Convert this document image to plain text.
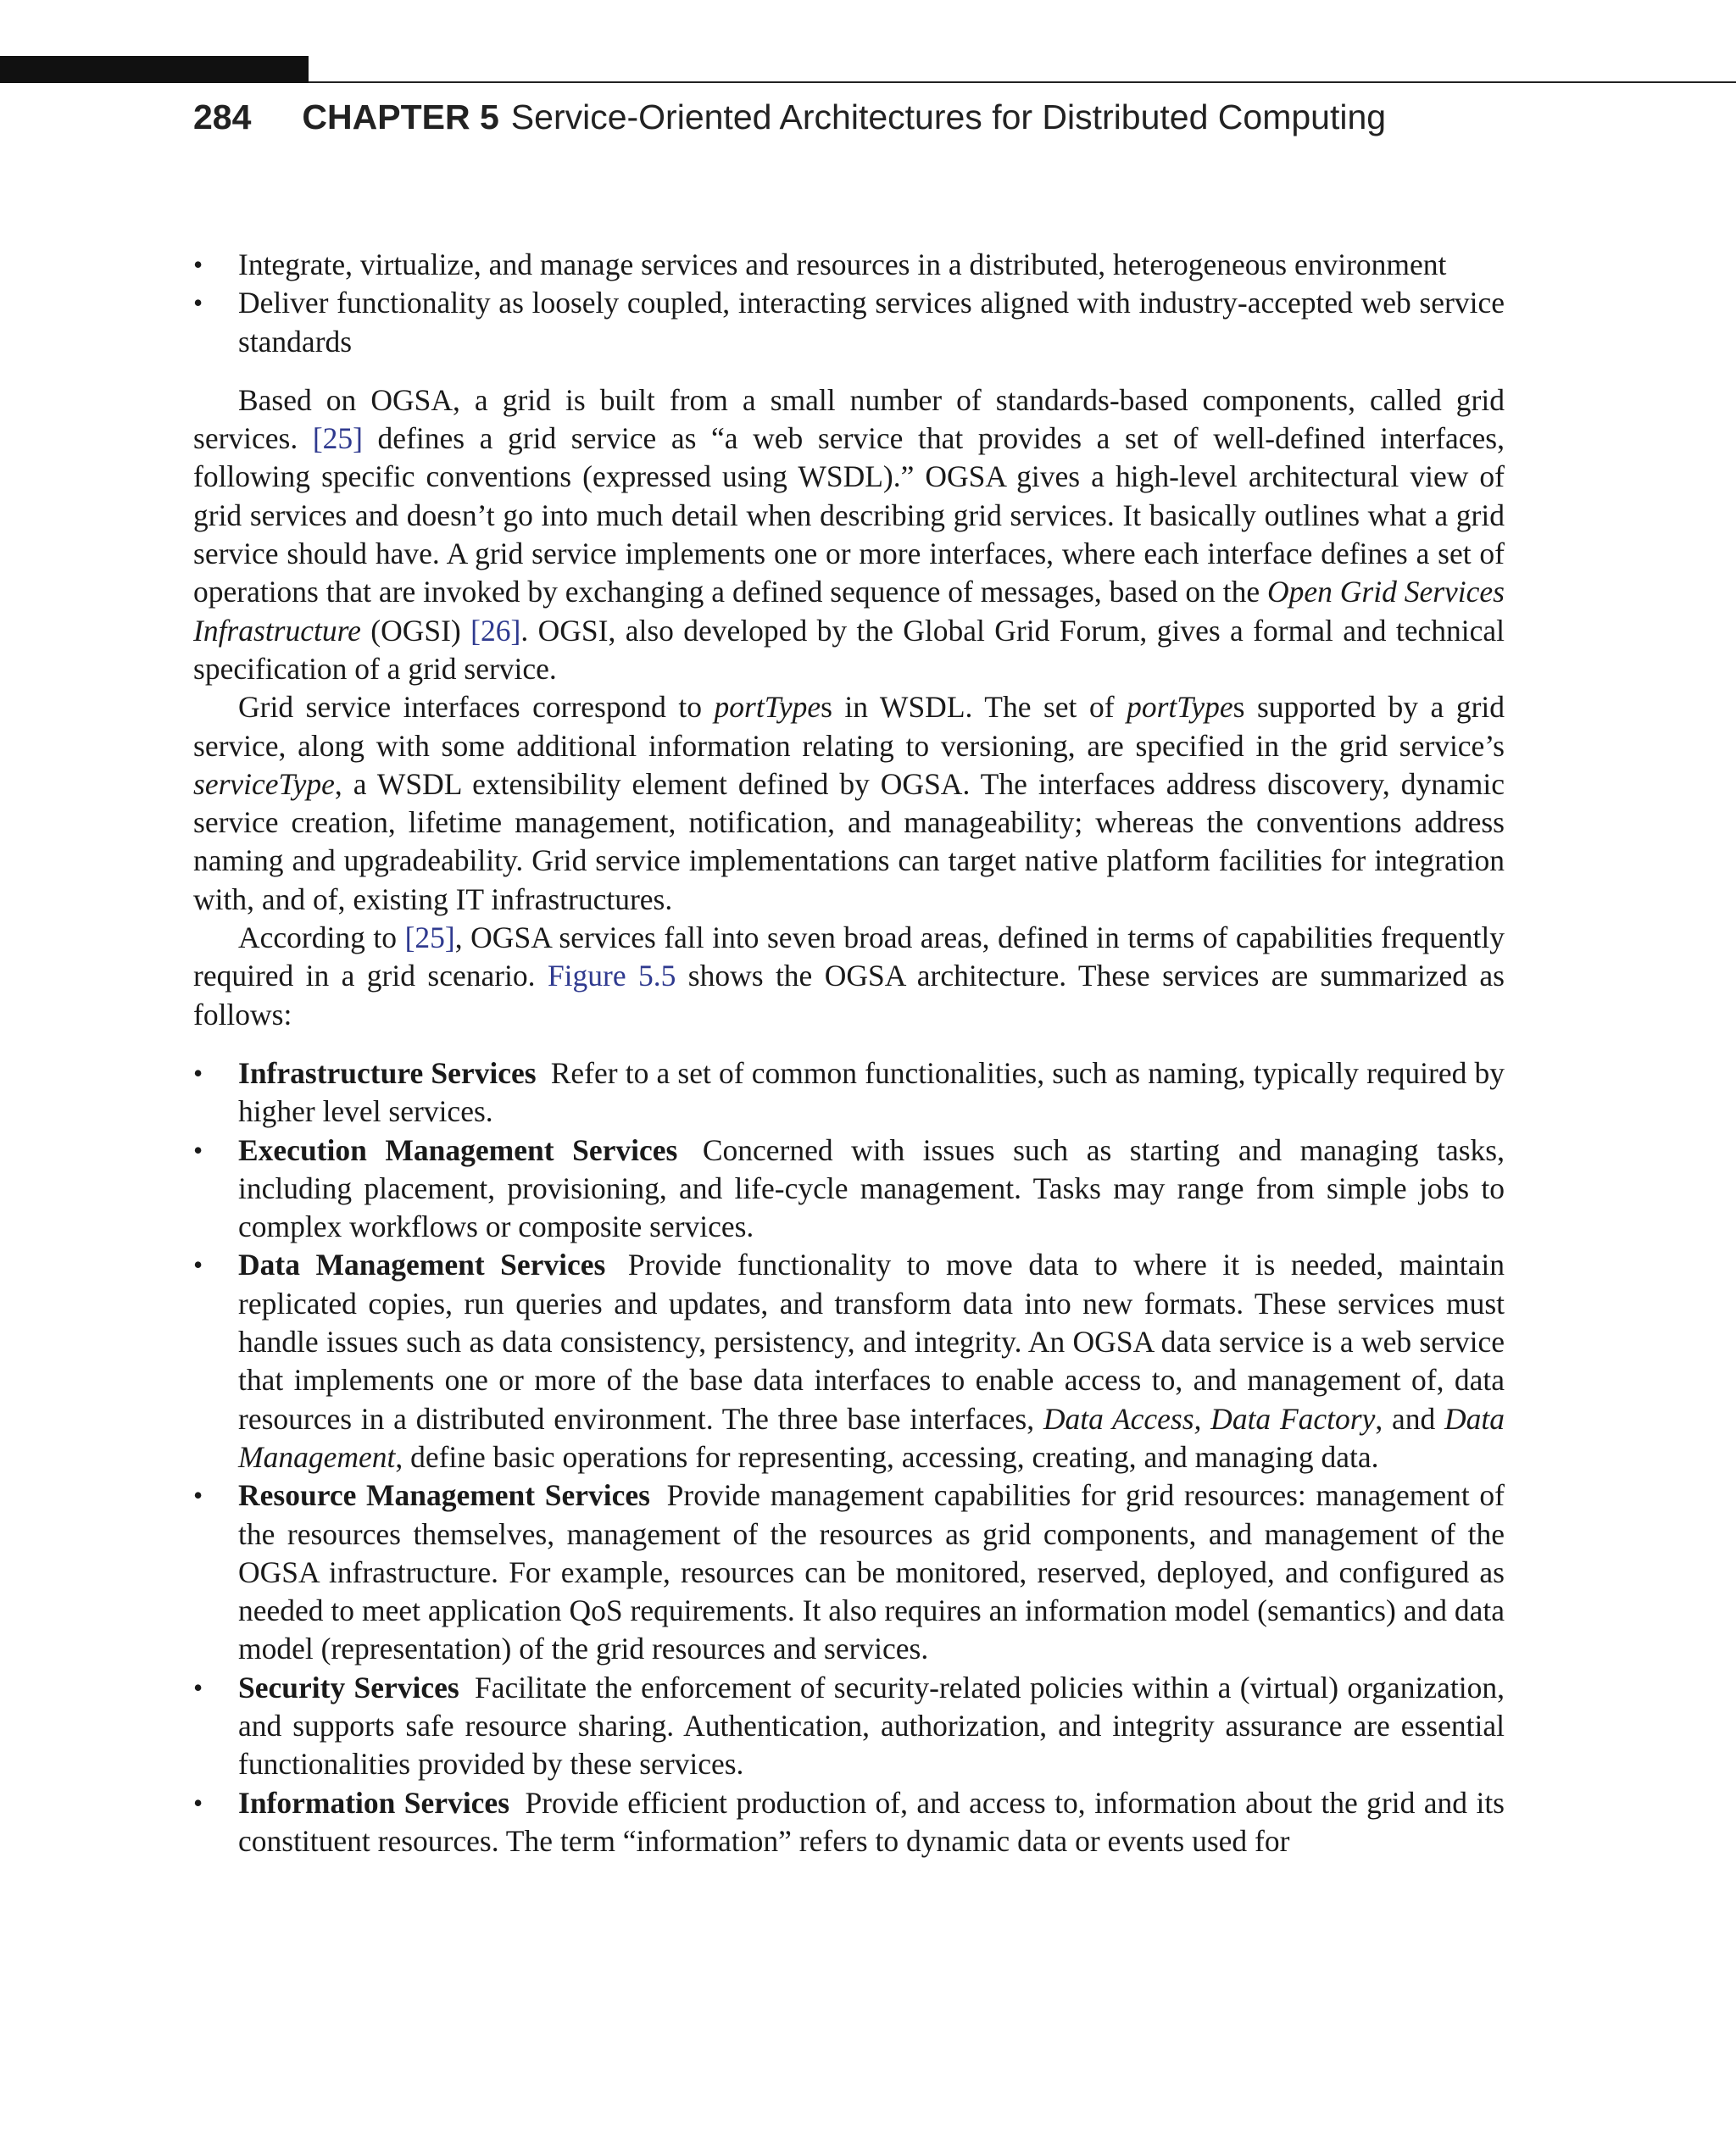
284 CHAPTER 5 Service-Oriented Architectures for Distributed Computing
• Integrate, virtualize, and manage services and resources in a distributed, heterogeneous environment
• Deliver functionality as loosely coupled, interacting services aligned with industry-accepted web service standards

Based on OGSA, a grid is built from a small number of standards-based components, called grid services. [25] defines a grid service as “a web service that provides a set of well-defined interfaces, following specific conventions (expressed using WSDL).” OGSA gives a high-level architectural view of grid services and doesn’t go into much detail when describing grid services. It basically outlines what a grid service should have. A grid service implements one or more interfaces, where each interface defines a set of operations that are invoked by exchanging a defined sequence of messages, based on the Open Grid Services Infrastructure (OGSI) [26]. OGSI, also developed by the Global Grid Forum, gives a formal and technical specification of a grid service.

Grid service interfaces correspond to portTypes in WSDL. The set of portTypes supported by a grid service, along with some additional information relating to versioning, are specified in the grid service’s serviceType, a WSDL extensibility element defined by OGSA. The interfaces address discovery, dynamic service creation, lifetime management, notification, and manageability; whereas the conventions address naming and upgradeability. Grid service implementations can target native platform facilities for integration with, and of, existing IT infrastructures.

According to [25], OGSA services fall into seven broad areas, defined in terms of capabilities frequently required in a grid scenario. Figure 5.5 shows the OGSA architecture. These services are summarized as follows:

• Infrastructure Services Refer to a set of common functionalities, such as naming, typically required by higher level services.
• Execution Management Services Concerned with issues such as starting and managing tasks, including placement, provisioning, and life-cycle management. Tasks may range from simple jobs to complex workflows or composite services.
• Data Management Services Provide functionality to move data to where it is needed, maintain replicated copies, run queries and updates, and transform data into new formats. These services must handle issues such as data consistency, persistency, and integrity. An OGSA data service is a web service that implements one or more of the base data interfaces to enable access to, and management of, data resources in a distributed environment. The three base interfaces, Data Access, Data Factory, and Data Management, define basic operations for representing, accessing, creating, and managing data.
• Resource Management Services Provide management capabilities for grid resources: management of the resources themselves, management of the resources as grid components, and management of the OGSA infrastructure. For example, resources can be monitored, reserved, deployed, and configured as needed to meet application QoS requirements. It also requires an information model (semantics) and data model (representation) of the grid resources and services.
• Security Services Facilitate the enforcement of security-related policies within a (virtual) organization, and supports safe resource sharing. Authentication, authorization, and integrity assurance are essential functionalities provided by these services.
• Information Services Provide efficient production of, and access to, information about the grid and its constituent resources. The term “information” refers to dynamic data or events used for
